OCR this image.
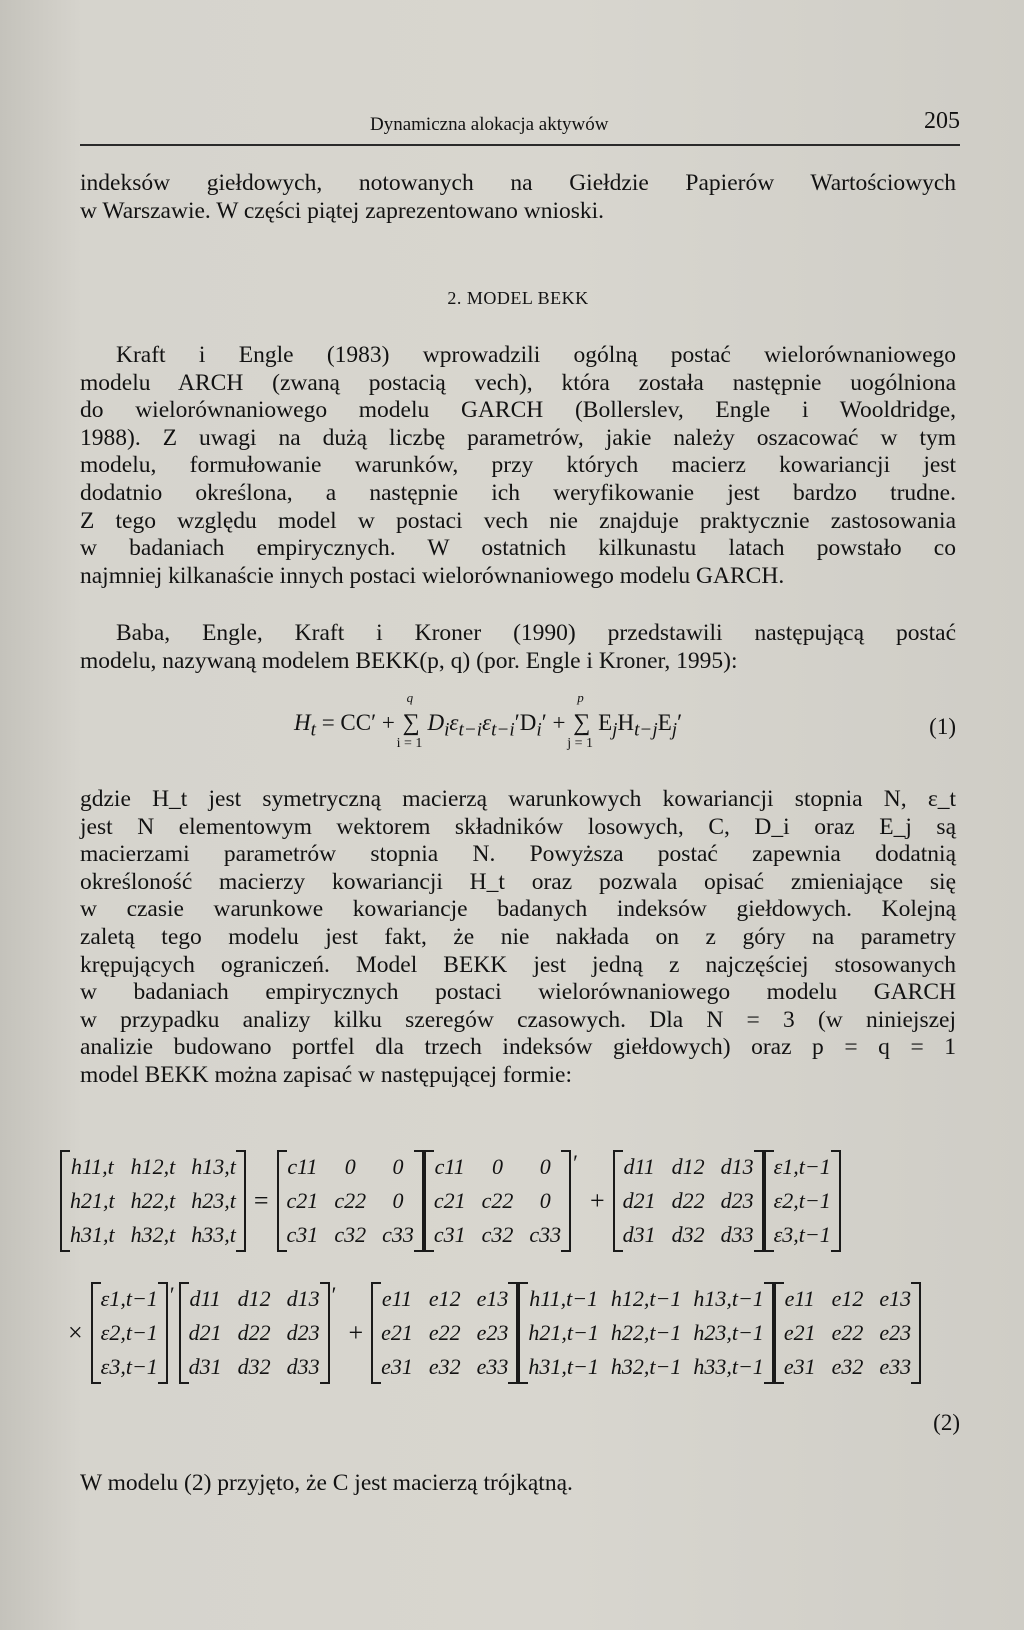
Dynamiczna alokacja aktywów	205
indeksów giełdowych, notowanych na Giełdzie Papierów Wartościowych
w Warszawie. W części piątej zaprezentowano wnioski.
2. MODEL BEKK
Kraft i Engle (1983) wprowadzili ogólną postać wielorównaniowego
modelu ARCH (zwaną postacią vech), która została następnie uogólniona
do wielorównaniowego modelu GARCH (Bollerslev, Engle i Wooldridge,
1988). Z uwagi na dużą liczbę parametrów, jakie należy oszacować w tym
modelu, formułowanie warunków, przy których macierz kowariancji jest
dodatnio określona, a następnie ich weryfikowanie jest bardzo trudne.
Z tego względu model w postaci vech nie znajduje praktycznie zastosowania
w badaniach empirycznych. W ostatnich kilkunastu latach powstało co
najmniej kilkanaście innych postaci wielorównaniowego modelu GARCH.
Baba, Engle, Kraft i Kroner (1990) przedstawili następującą postać
modelu, nazywaną modelem BEKK(p, q) (por. Engle i Kroner, 1995):
$H_t = CC'$ + ∑
q
i = 1
$D_i\varepsilon_{t-i}\varepsilon_{t-i}'D_i'$ + ∑
p
j = 1
$E_jH_{t-j}E_j'$	(1)
gdzie H_t jest symetryczną macierzą warunkowych kowariancji stopnia N, ε_t
jest N elementowym wektorem składników losowych, C, D_i oraz E_j są
macierzami parametrów stopnia N. Powyższa postać zapewnia dodatnią
określoność macierzy kowariancji H_t oraz pozwala opisać zmieniające się
w czasie warunkowe kowariancje badanych indeksów giełdowych. Kolejną
zaletą tego modelu jest fakt, że nie nakłada on z góry na parametry
krępujących ograniczeń. Model BEKK jest jedną z najczęściej stosowanych
w badaniach empirycznych postaci wielorównaniowego modelu GARCH
w przypadku analizy kilku szeregów czasowych. Dla N = 3 (w niniejszej
analizie budowano portfel dla trzech indeksów giełdowych) oraz p = q = 1
model BEKK można zapisać w następującej formie:
h11,t h12,t h13,t
h21,t h22,t h23,t
h31,t h32,t h33,t
=
c11	0	0
c21 c22	0
c31 c32 c33
c11	0	0
c21 c22	0
c31 c32 c33
′
+
d11 d12 d13
d21 d22 d23
d31 d32 d33
ε1,t−1
ε2,t−1
ε3,t−1
×
ε1,t−1
ε2,t−1
ε3,t−1
′ d11 d12 d13
d21 d22 d23
d31 d32 d33
′
+
e11 e12 e13
e21 e22 e23
e31 e32 e33
h11,t−1 h12,t−1 h13,t−1
h21,t−1 h22,t−1 h23,t−1
h31,t−1 h32,t−1 h33,t−1
e11 e12 e13
e21 e22 e23
e31 e32 e33
(2)
W modelu (2) przyjęto, że C jest macierzą trójkątną.
